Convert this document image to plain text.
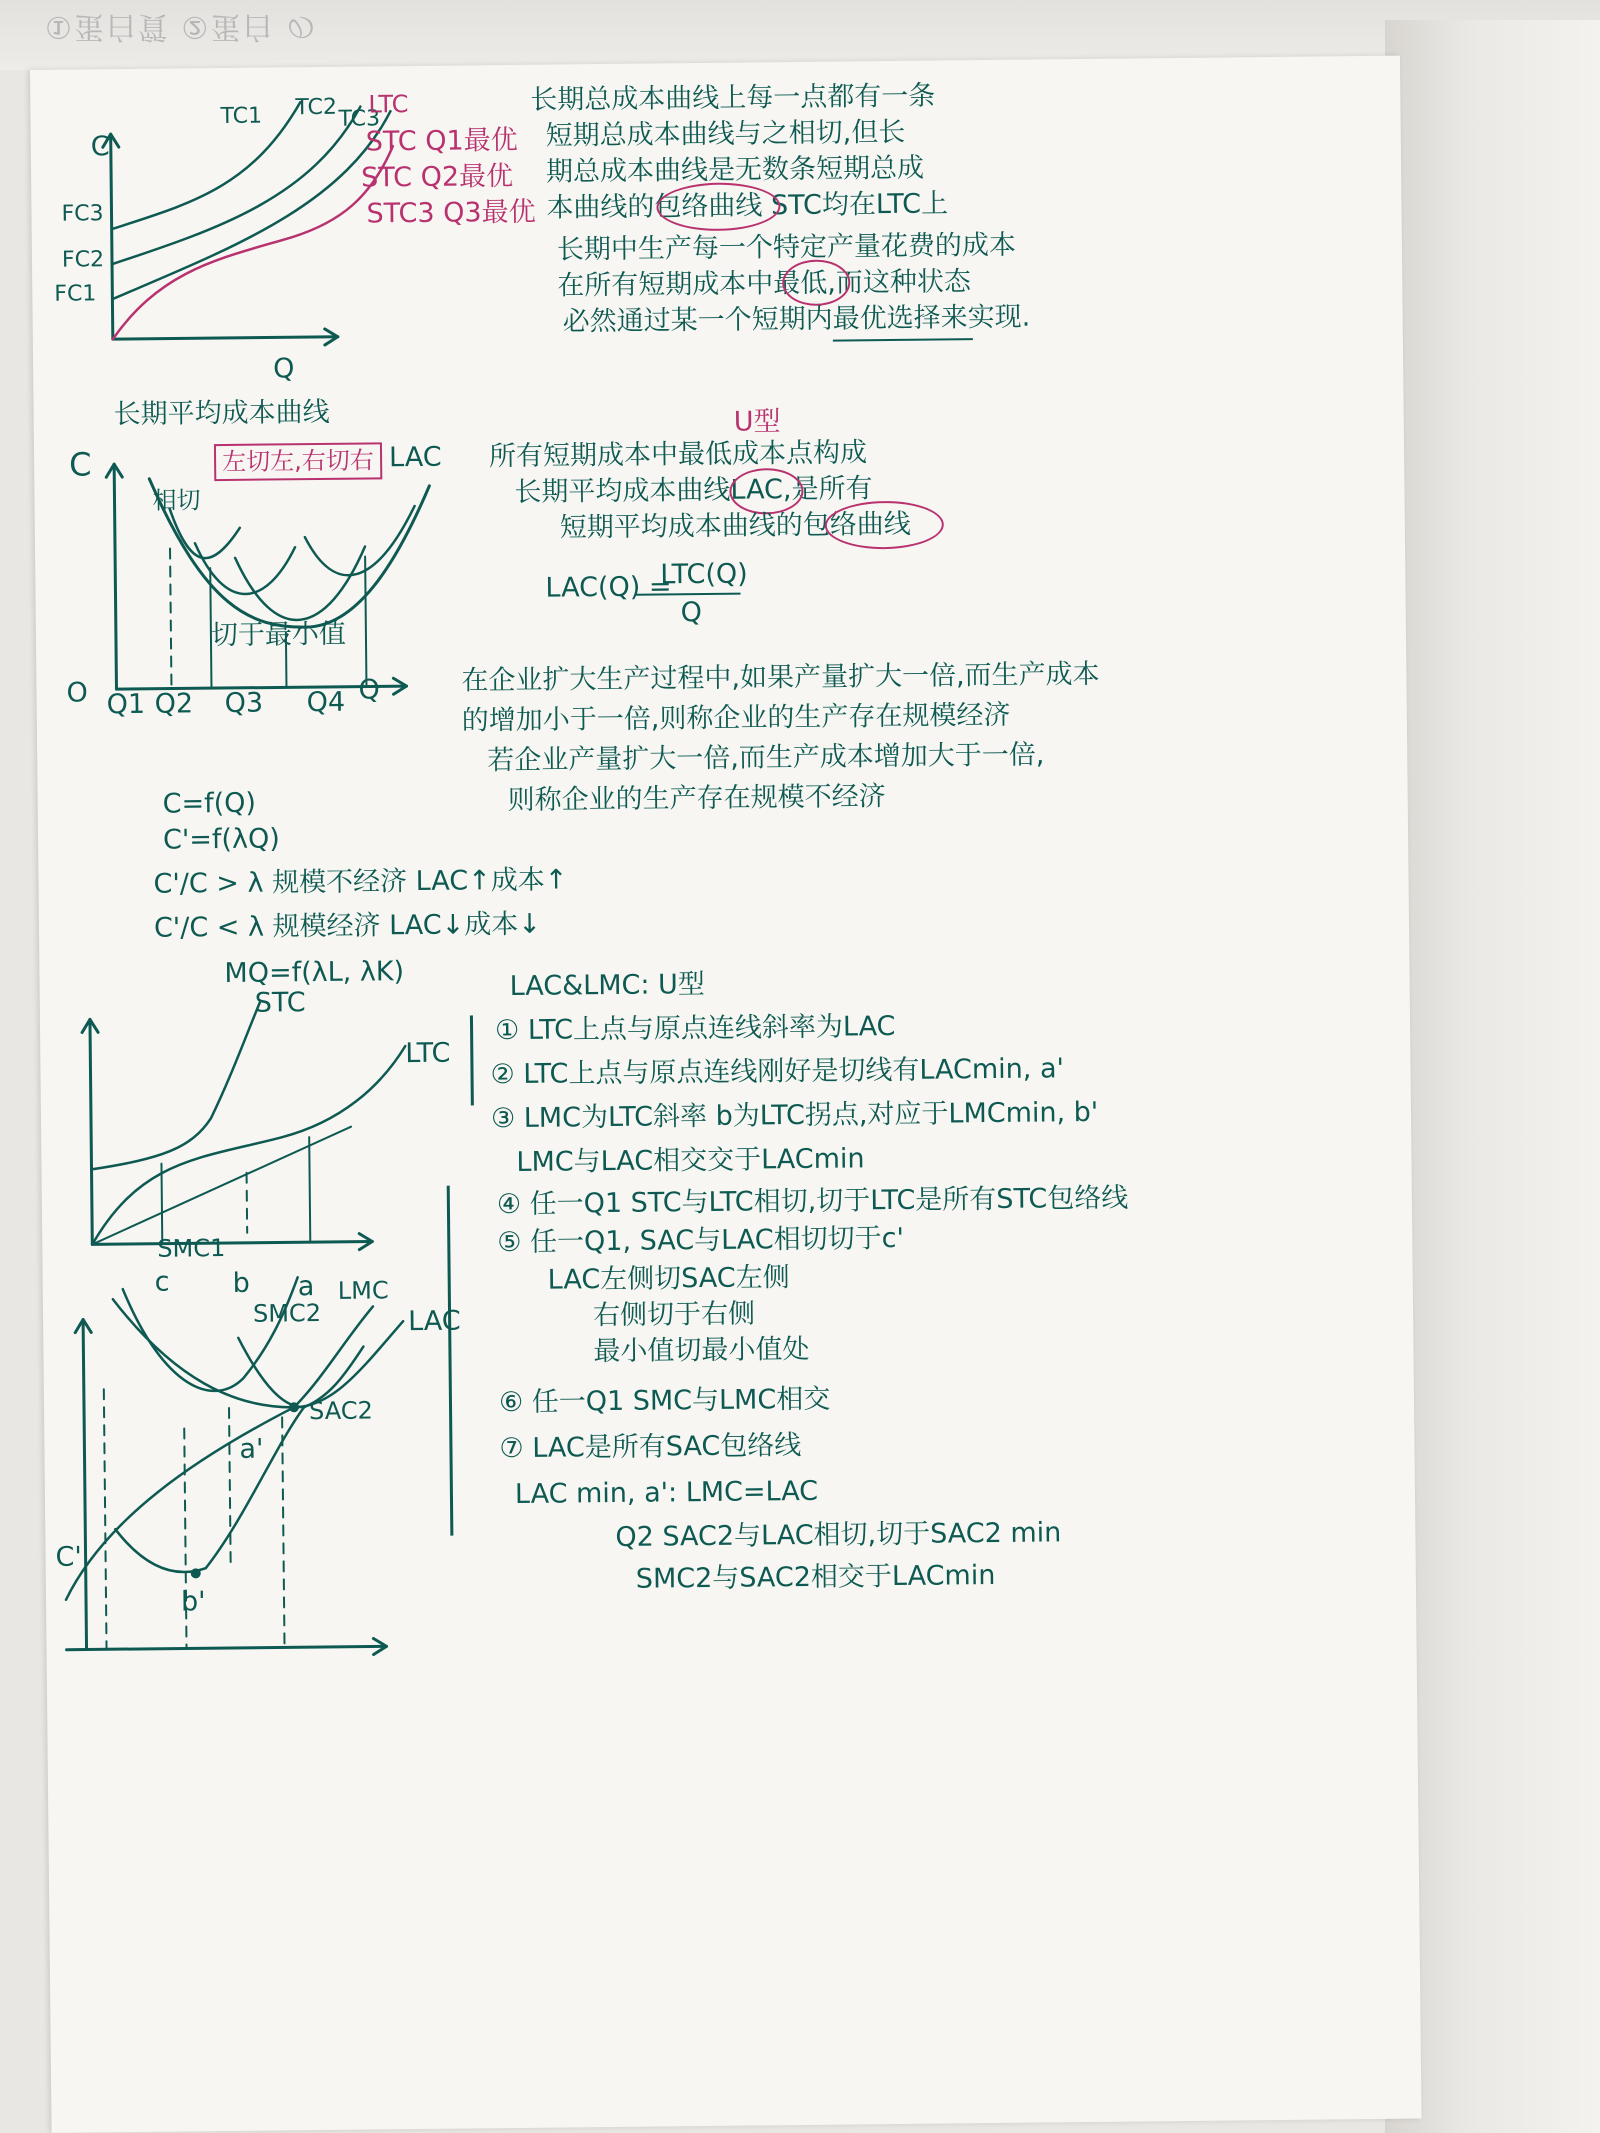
①蛋白質 ②蛋白 の
C
Q
FC3
FC2
FC1
TC1 TC2 TC3
LTC
STC Q1最优
STC Q2最优
STC3 Q3最优
长期总成本曲线上每一点都有一条
短期总成本曲线与之相切,但长
期总成本曲线是无数条短期总成
本曲线的包络曲线 STC均在LTC上
长期中生产每一个特定产量花费的成本
在所有短期成本中最低,而这种状态
必然通过某一个短期内最优选择来实现.
长期平均成本曲线
左切左,右切右
C	LAC
相切
切于最小值
O Q1 Q2 Q3 Q4 Q
U型
所有短期成本中最低成本点构成
长期平均成本曲线LAC,是所有
短期平均成本曲线的包络曲线
LAC(Q) =
LTC(Q)
Q
在企业扩大生产过程中,如果产量扩大一倍,而生产成本
的增加小于一倍,则称企业的生产存在规模经济
若企业产量扩大一倍,而生产成本增加大于一倍,
则称企业的生产存在规模不经济
C=f(Q)
C'=f(λQ)
C'/C > λ 规模不经济 LAC↑成本↑
C'/C < λ 规模经济 LAC↓成本↓
MQ=f(λL, λK)
STC
LTC
SMC1
c b a
SMC2
LMC
LAC
SAC2
a'
C''
b'
LAC&LMC: U型
① LTC上点与原点连线斜率为LAC
② LTC上点与原点连线刚好是切线有LACmin, a'
③ LMC为LTC斜率 b为LTC拐点,对应于LMCmin, b'
LMC与LAC相交交于LACmin
④ 任一Q1 STC与LTC相切,切于LTC是所有STC包络线
⑤ 任一Q1, SAC与LAC相切切于c'
LAC左侧切SAC左侧
右侧切于右侧
最小值切最小值处
⑥ 任一Q1 SMC与LMC相交
⑦ LAC是所有SAC包络线
LAC min, a': LMC=LAC
Q2 SAC2与LAC相切,切于SAC2 min
SMC2与SAC2相交于LACmin
